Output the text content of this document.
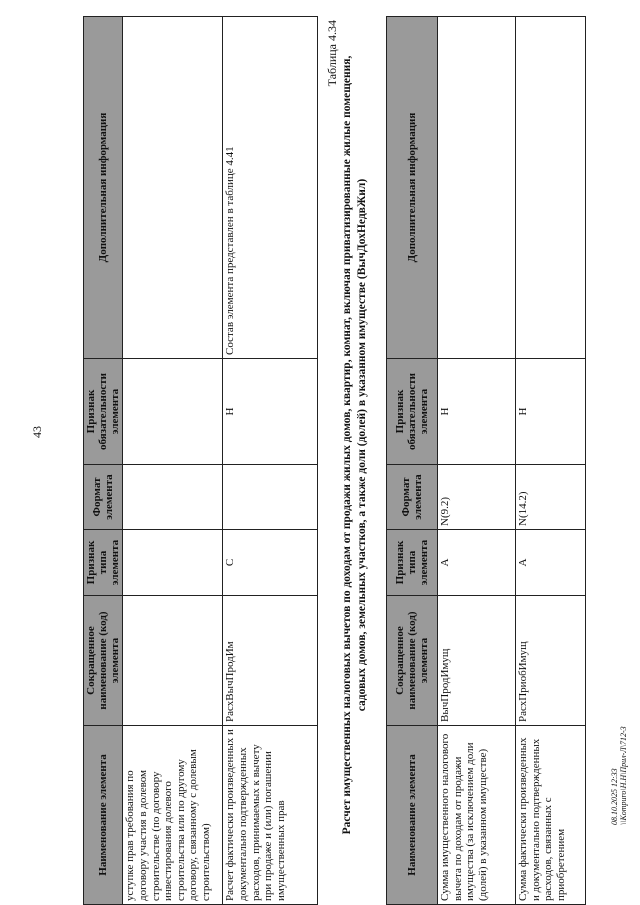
43
Наименование элемента	Сокращенное наименование (код) элемента	Признак типа элемента	Формат элемента	Признак обязательности элемента	Дополнительная информация
уступке прав требования по договору участия в долевом строительстве (по договору инвестирования долевого строительства или по другому договору, связанному с долевым строительством)					
Расчет фактически произведенных и документально подтвержденных расходов, принимаемых к вычету при продаже и (или) погашении имущественных прав	РасхВычПродИм	С		Н	Состав элемента представлен в таблице 4.41
Таблица 4.34
Расчет имущественных налоговых вычетов по доходам от продажи жилых домов, квартир, комнат, включая приватизированные жилые помещения, садовых домов, земельных участков, а также доли (долей) в указанном имуществе (ВычДохНедвЖил)
Наименование элемента	Сокращенное наименование (код) элемента	Признак типа элемента	Формат элемента	Признак обязательности элемента	Дополнительная информация
Сумма имущественного налогового вычета по доходам от продажи имущества (за исключением доли (долей) в указанном имуществе)	ВычПродИмущ	А	N(9.2)	Н	
Сумма фактически произведенных и документально подтвержденных расходов, связанных с приобретением	РасхПриобИмущ	А	N(14.2)	Н	
08.10.2025 12:33 \\Kompuro\Н.Н\Прил-Л\712-3
